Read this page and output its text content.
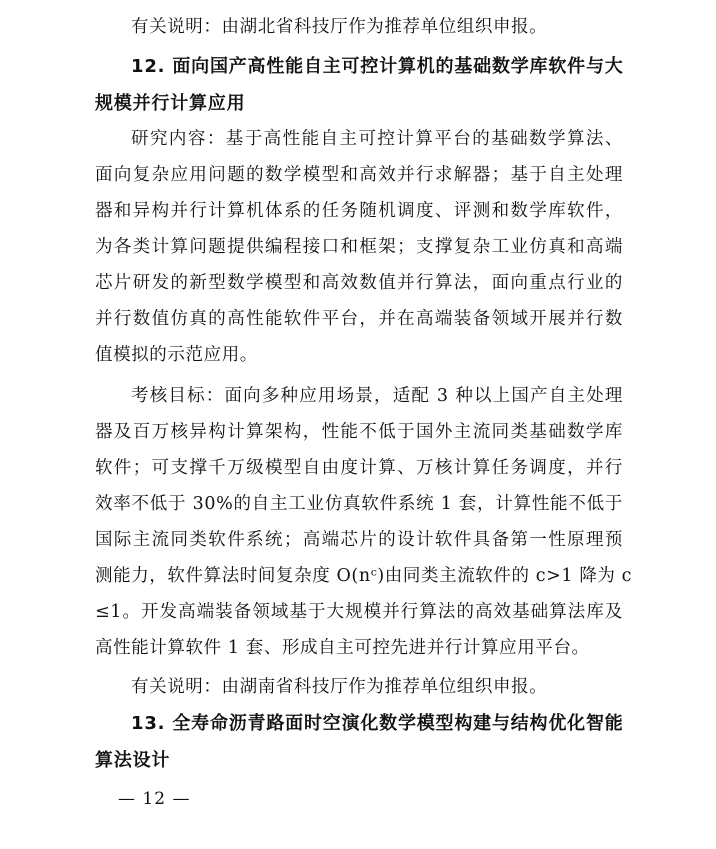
有关说明：由湖北省科技厅作为推荐单位组织申报。
12. 面向国产高性能自主可控计算机的基础数学库软件与大
规模并行计算应用
研究内容：基于高性能自主可控计算平台的基础数学算法、
面向复杂应用问题的数学模型和高效并行求解器；基于自主处理
器和异构并行计算机体系的任务随机调度、评测和数学库软件，
为各类计算问题提供编程接口和框架；支撑复杂工业仿真和高端
芯片研发的新型数学模型和高效数值并行算法，面向重点行业的
并行数值仿真的高性能软件平台，并在高端装备领域开展并行数
值模拟的示范应用。
考核目标：面向多种应用场景，适配 3 种以上国产自主处理
器及百万核异构计算架构，性能不低于国外主流同类基础数学库
软件；可支撑千万级模型自由度计算、万核计算任务调度，并行
效率不低于 30%的自主工业仿真软件系统 1 套，计算性能不低于
国际主流同类软件系统；高端芯片的设计软件具备第一性原理预
测能力，软件算法时间复杂度 O(nᶜ)由同类主流软件的 c>1 降为 c
≤1。开发高端装备领域基于大规模并行算法的高效基础算法库及
高性能计算软件 1 套、形成自主可控先进并行计算应用平台。
有关说明：由湖南省科技厅作为推荐单位组织申报。
13. 全寿命沥青路面时空演化数学模型构建与结构优化智能
算法设计
— 12 —
